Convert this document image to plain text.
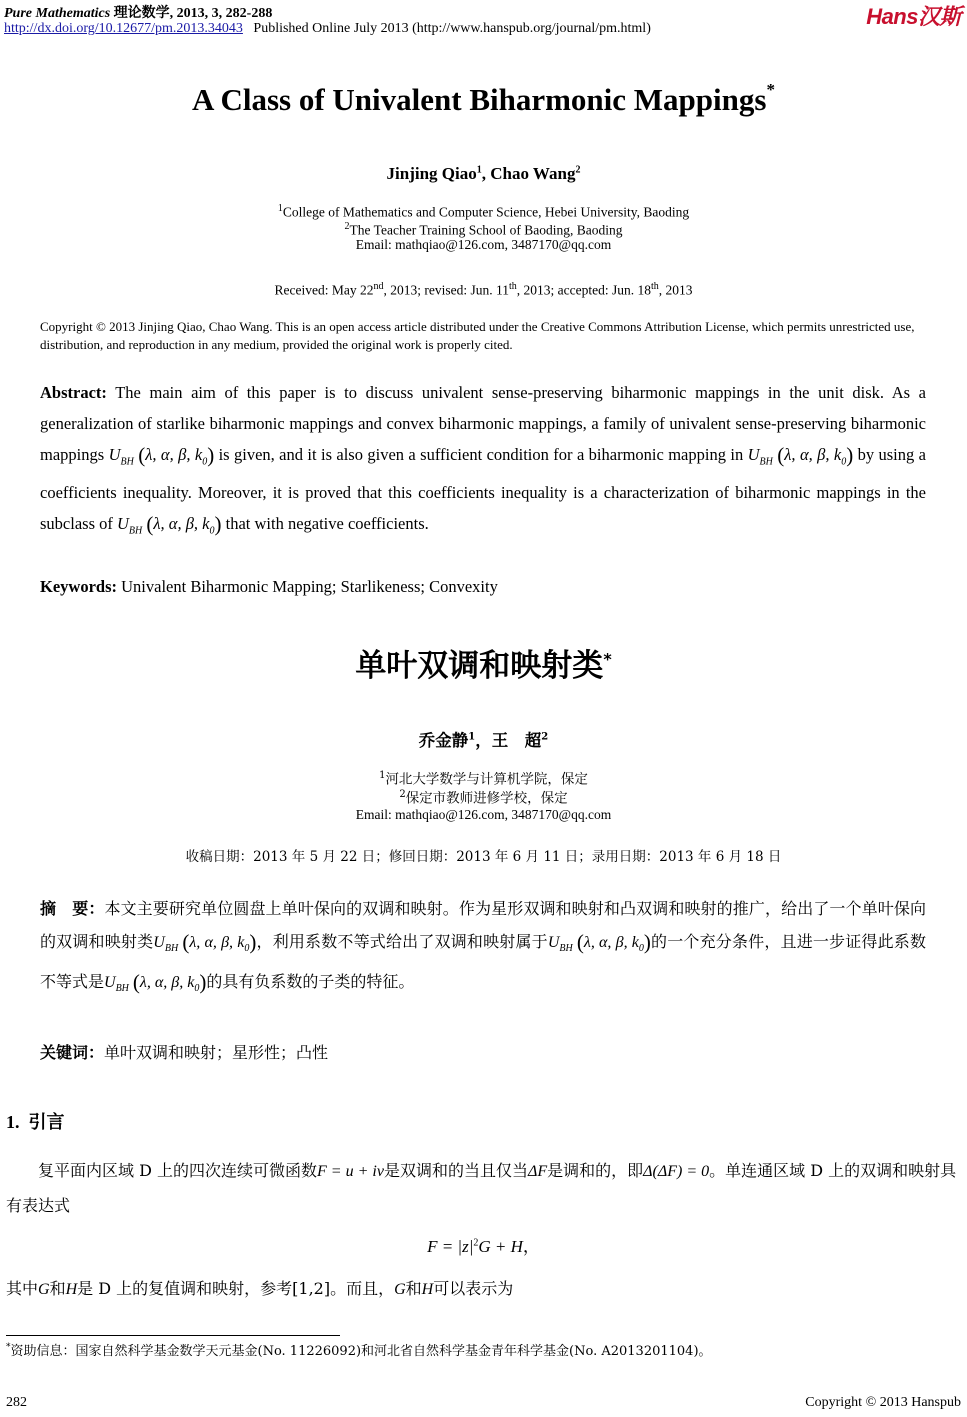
Pure Mathematics 理论数学, 2013, 3, 282-288
http://dx.doi.org/10.12677/pm.2013.34043 Published Online July 2013 (http://www.hanspub.org/journal/pm.html)	Hans汉斯
A Class of Univalent Biharmonic Mappings*
Jinjing Qiao$^1$, Chao Wang$^2$
$^1$College of Mathematics and Computer Science, Hebei University, Baoding
$^2$The Teacher Training School of Baoding, Baoding
Email: mathqiao@126.com, 3487170@qq.com
Received: May 22nd, 2013; revised: Jun. 11th, 2013; accepted: Jun. 18th, 2013
Copyright © 2013 Jinjing Qiao, Chao Wang. This is an open access article distributed under the Creative Commons Attribution License, which permits unrestricted use, distribution, and reproduction in any medium, provided the original work is properly cited.
Abstract: The main aim of this paper is to discuss univalent sense-preserving biharmonic mappings in the unit disk. As a generalization of starlike biharmonic mappings and convex biharmonic mappings, a family of univalent sense-preserving biharmonic mappings $U_{BH}$ (λ, α, β, $k_0$) is given, and it is also given a sufficient condition for a biharmonic mapping in $U_{BH}$ (λ, α, β, $k_0$) by using a coefficients inequality. Moreover, it is proved that this coefficients inequality is a characterization of biharmonic mappings in the subclass of $U_{BH}$ (λ, α, β, $k_0$) that with negative coefficients.
Keywords: Univalent Biharmonic Mapping; Starlikeness; Convexity
单叶双调和映射类*
乔金静$^1$，王　超$^2$
$^1$河北大学数学与计算机学院，保定
$^2$保定市教师进修学校，保定
Email: mathqiao@126.com, 3487170@qq.com
收稿日期：2013 年 5 月 22 日；修回日期：2013 年 6 月 11 日；录用日期：2013 年 6 月 18 日
摘　要：本文主要研究单位圆盘上单叶保向的双调和映射。作为星形双调和映射和凸双调和映射的推广，给出了一个单叶保向的双调和映射类$U_{BH}$ (λ, α, β, $k_0$)，利用系数不等式给出了双调和映射属于$U_{BH}$ (λ, α, β, $k_0$)的一个充分条件，且进一步证得此系数不等式是$U_{BH}$ (λ, α, β, $k_0$)的具有负系数的子类的特征。
关键词：单叶双调和映射；星形性；凸性
1. 引言
复平面内区域 D 上的四次连续可微函数F = u + iv是双调和的当且仅当ΔF是调和的，即Δ(ΔF) = 0。单连通区域 D 上的双调和映射具有表达式
$F = |z|^2G + H$，
其中G和H是 D 上的复值调和映射，参考[1,2]。而且，G和H可以表示为
*资助信息：国家自然科学基金数学天元基金(No. 11226092)和河北省自然科学基金青年科学基金(No. A2013201104)。
282	Copyright © 2013 Hanspub
